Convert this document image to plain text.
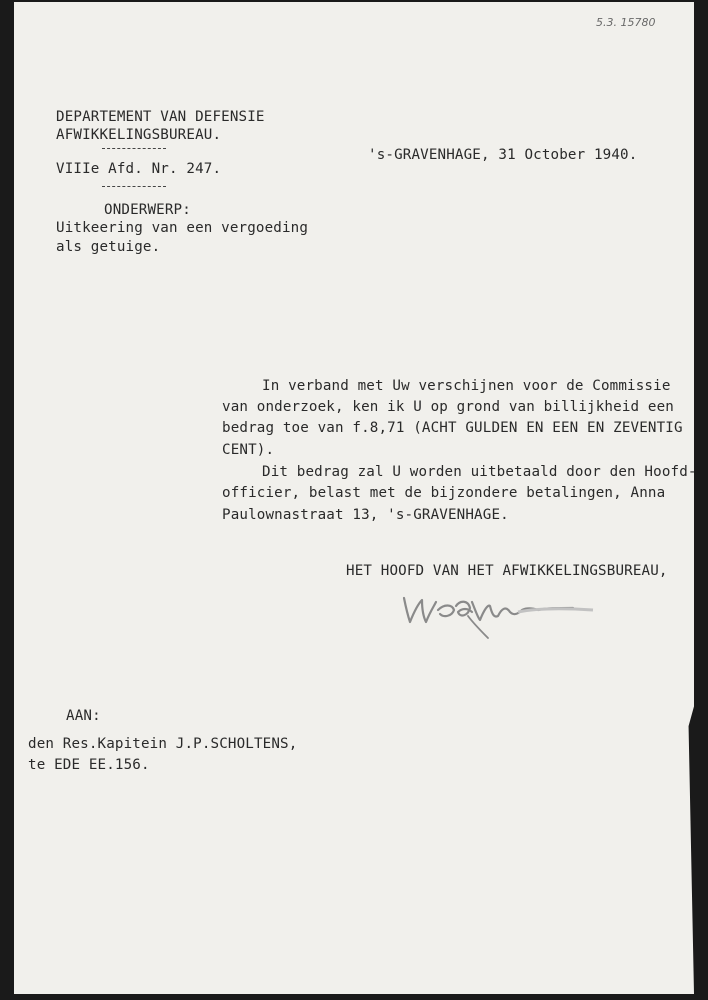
5.3. 15780
DEPARTEMENT VAN DEFENSIE
AFWIKKELINGSBUREAU.
VIIIe Afd. Nr. 247.
's-GRAVENHAGE, 31 October 1940.
ONDERWERP:
Uitkeering van een vergoeding
als getuige.
In verband met Uw verschijnen voor de Commissie
van onderzoek, ken ik U op grond van billijkheid een
bedrag toe van f.8,71 (ACHT GULDEN EN EEN EN ZEVENTIG
CENT).
Dit bedrag zal U worden uitbetaald door den Hoofd-
officier, belast met de bijzondere betalingen, Anna
Paulownastraat 13, 's-GRAVENHAGE.
HET HOOFD VAN HET AFWIKKELINGSBUREAU,
AAN:
den Res.Kapitein J.P.SCHOLTENS,
te EDE EE.156.
